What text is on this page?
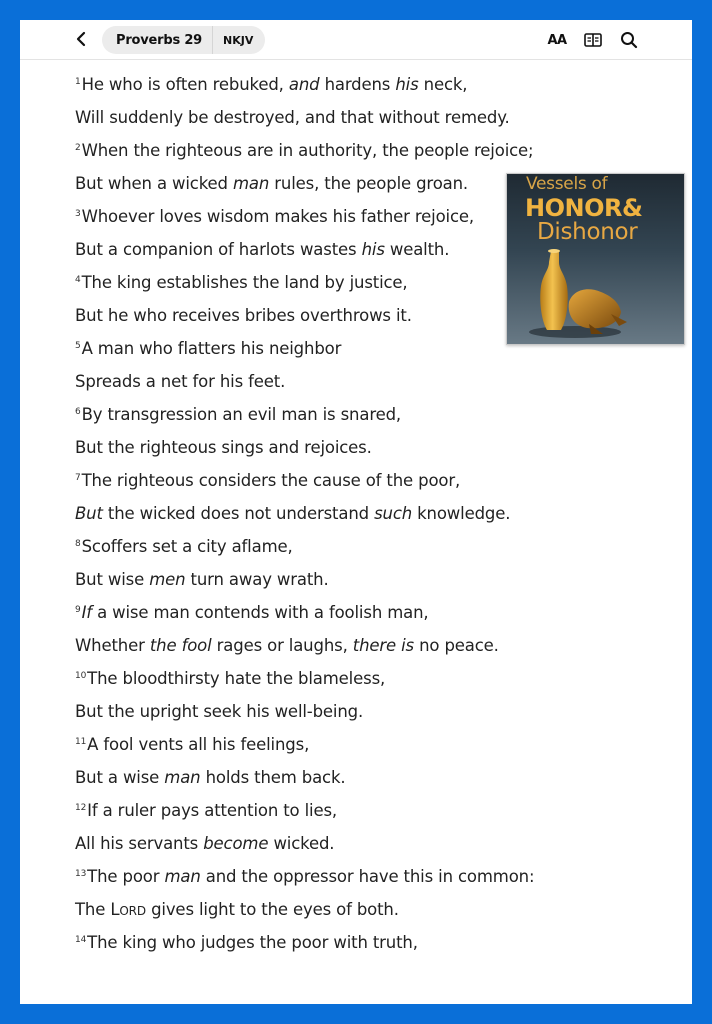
Proverbs 29	NKJV	AA
$^1$He who is often rebuked, and hardens his neck,
Will suddenly be destroyed, and that without remedy.
$^2$When the righteous are in authority, the people rejoice;
But when a wicked man rules, the people groan.
$^3$Whoever loves wisdom makes his father rejoice,
But a companion of harlots wastes his wealth.
$^4$The king establishes the land by justice,
But he who receives bribes overthrows it.
$^5$A man who flatters his neighbor
Spreads a net for his feet.
$^6$By transgression an evil man is snared,
But the righteous sings and rejoices.
$^7$The righteous considers the cause of the poor,
But the wicked does not understand such knowledge.
$^8$Scoffers set a city aflame,
But wise men turn away wrath.
$^9$If a wise man contends with a foolish man,
Whether the fool rages or laughs, there is no peace.
$^{10}$The bloodthirsty hate the blameless,
But the upright seek his well-being.
$^{11}$A fool vents all his feelings,
But a wise man holds them back.
$^{12}$If a ruler pays attention to lies,
All his servants become wicked.
$^{13}$The poor man and the oppressor have this in common:
The Lord gives light to the eyes of both.
$^{14}$The king who judges the poor with truth,
Vessels of
HONOR&
Dishonor
